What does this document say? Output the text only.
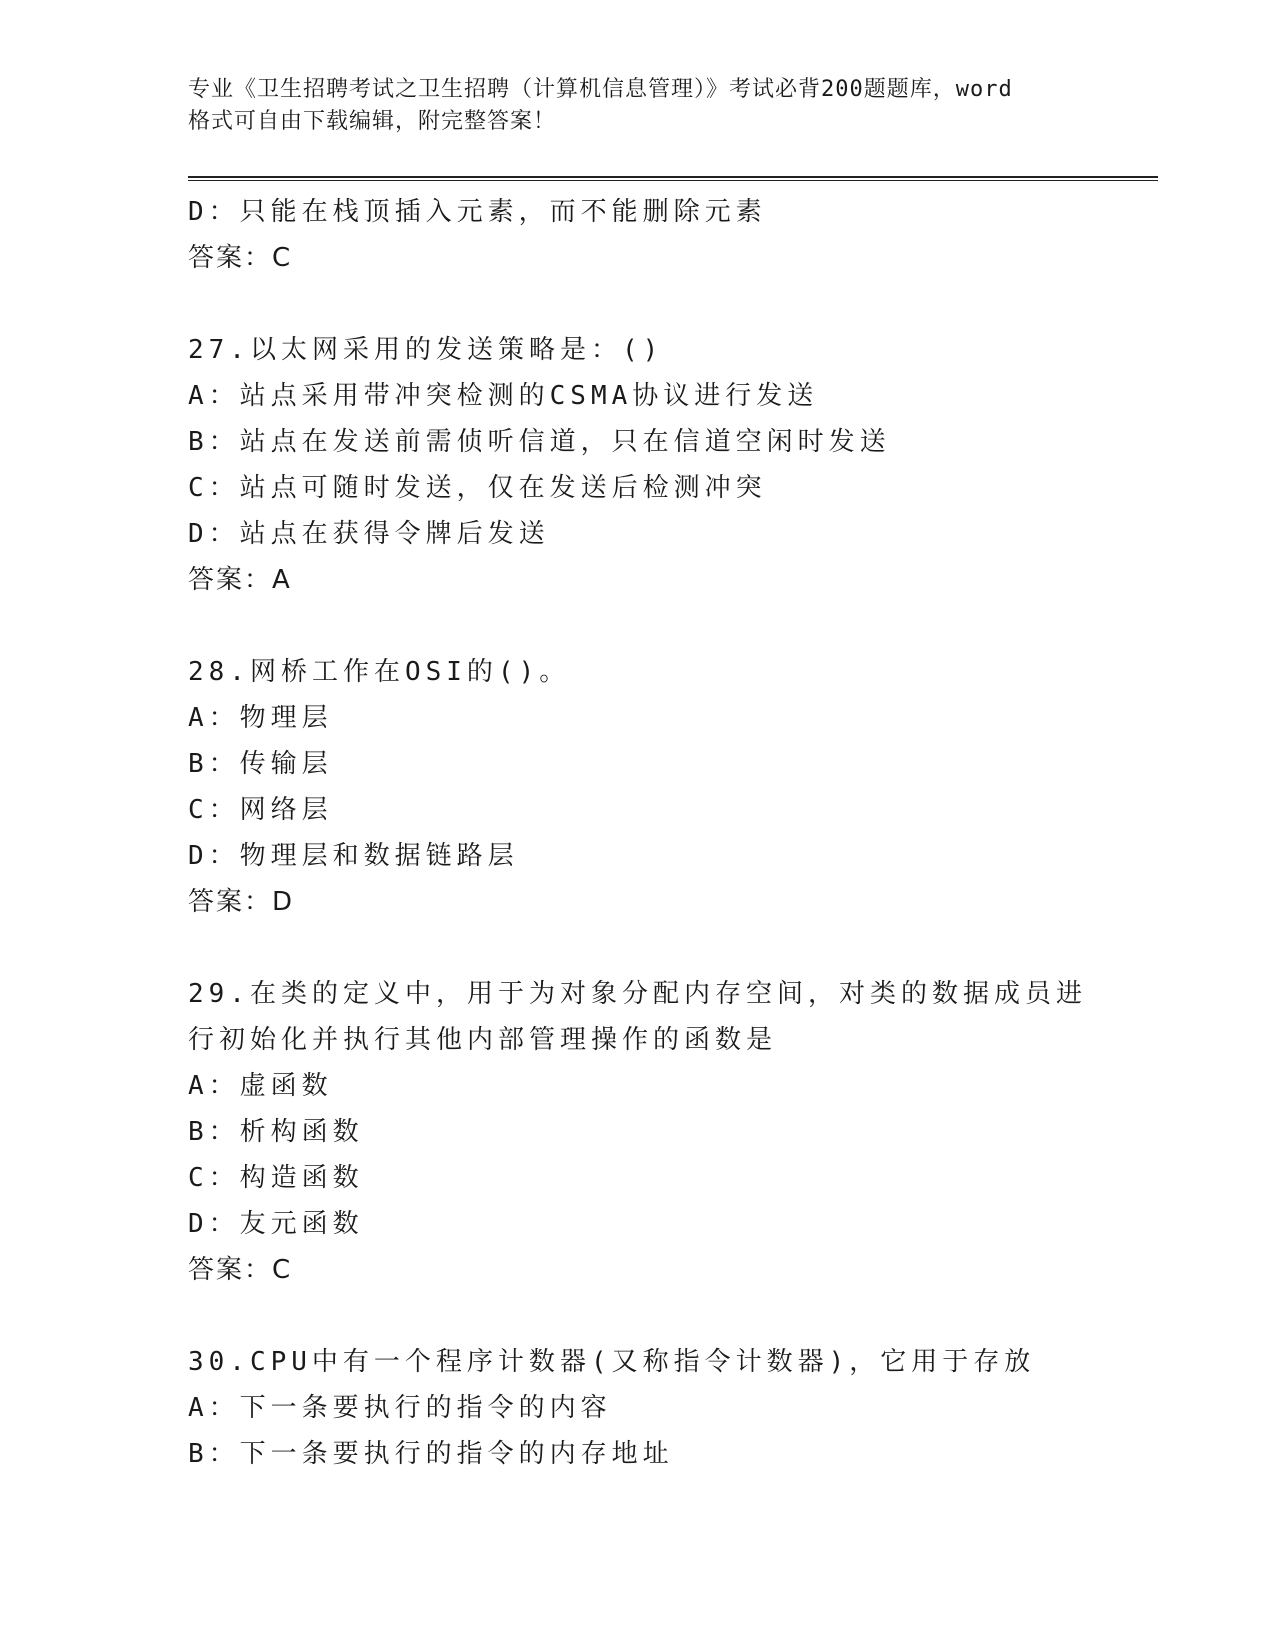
专业《卫生招聘考试之卫生招聘（计算机信息管理）》考试必背200题题库，word
格式可自由下载编辑，附完整答案！
D：只能在栈顶插入元素，而不能删除元素
答案：C
27.以太网采用的发送策略是：()
A：站点采用带冲突检测的CSMA协议进行发送
B：站点在发送前需侦听信道，只在信道空闲时发送
C：站点可随时发送，仅在发送后检测冲突
D：站点在获得令牌后发送
答案：A
28.网桥工作在OSI的()。
A：物理层
B：传输层
C：网络层
D：物理层和数据链路层
答案：D
29.在类的定义中，用于为对象分配内存空间，对类的数据成员进行初始化并执行其他内部管理操作的函数是
A：虚函数
B：析构函数
C：构造函数
D：友元函数
答案：C
30.CPU中有一个程序计数器(又称指令计数器)，它用于存放
A：下一条要执行的指令的内容
B：下一条要执行的指令的内存地址
